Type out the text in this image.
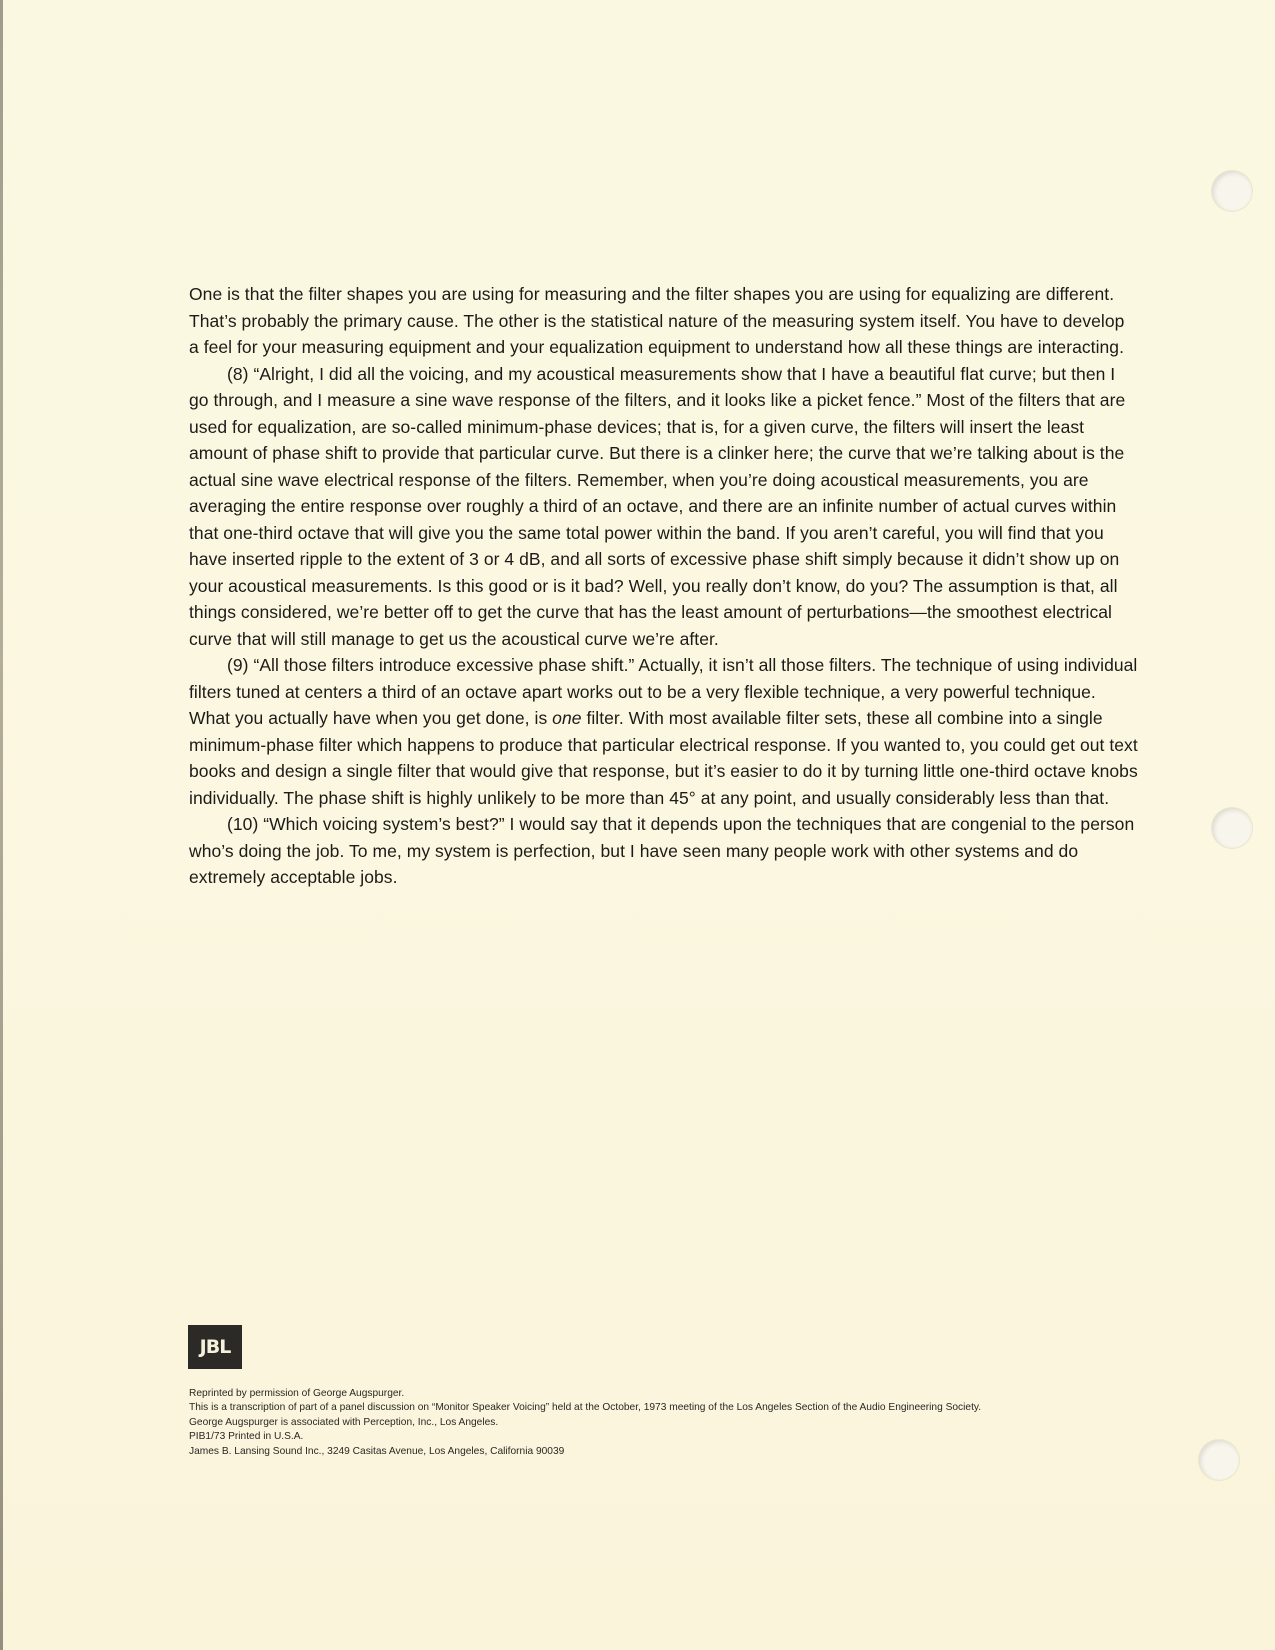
One is that the filter shapes you are using for measuring and the filter shapes you are using for equalizing are different. That’s probably the primary cause. The other is the statistical nature of the measuring system itself. You have to develop a feel for your measuring equipment and your equalization equipment to understand how all these things are interacting.

(8) “Alright, I did all the voicing, and my acoustical measurements show that I have a beautiful flat curve; but then I go through, and I measure a sine wave response of the filters, and it looks like a picket fence.” Most of the filters that are used for equalization, are so-called minimum-phase devices; that is, for a given curve, the filters will insert the least amount of phase shift to provide that particular curve. But there is a clinker here; the curve that we’re talking about is the actual sine wave electrical response of the filters. Remember, when you’re doing acoustical measurements, you are averaging the entire response over roughly a third of an octave, and there are an infinite number of actual curves within that one-third octave that will give you the same total power within the band. If you aren’t careful, you will find that you have inserted ripple to the extent of 3 or 4 dB, and all sorts of excessive phase shift simply because it didn’t show up on your acoustical measurements. Is this good or is it bad? Well, you really don’t know, do you? The assumption is that, all things considered, we’re better off to get the curve that has the least amount of perturbations—the smoothest electrical curve that will still manage to get us the acoustical curve we’re after.

(9) “All those filters introduce excessive phase shift.” Actually, it isn’t all those filters. The technique of using individual filters tuned at centers a third of an octave apart works out to be a very flexible technique, a very powerful technique. What you actually have when you get done, is one filter. With most available filter sets, these all combine into a single minimum-phase filter which happens to produce that particular electrical response. If you wanted to, you could get out text books and design a single filter that would give that response, but it’s easier to do it by turning little one-third octave knobs individually. The phase shift is highly unlikely to be more than 45° at any point, and usually considerably less than that.

(10) “Which voicing system’s best?” I would say that it depends upon the techniques that are congenial to the person who’s doing the job. To me, my system is perfection, but I have seen many people work with other systems and do extremely acceptable jobs.

JBL
Reprinted by permission of George Augspurger.
This is a transcription of part of a panel discussion on “Monitor Speaker Voicing” held at the October, 1973 meeting of the Los Angeles Section of the Audio Engineering Society.
George Augspurger is associated with Perception, Inc., Los Angeles.
PIB1/73 Printed in U.S.A.
James B. Lansing Sound Inc., 3249 Casitas Avenue, Los Angeles, California 90039
